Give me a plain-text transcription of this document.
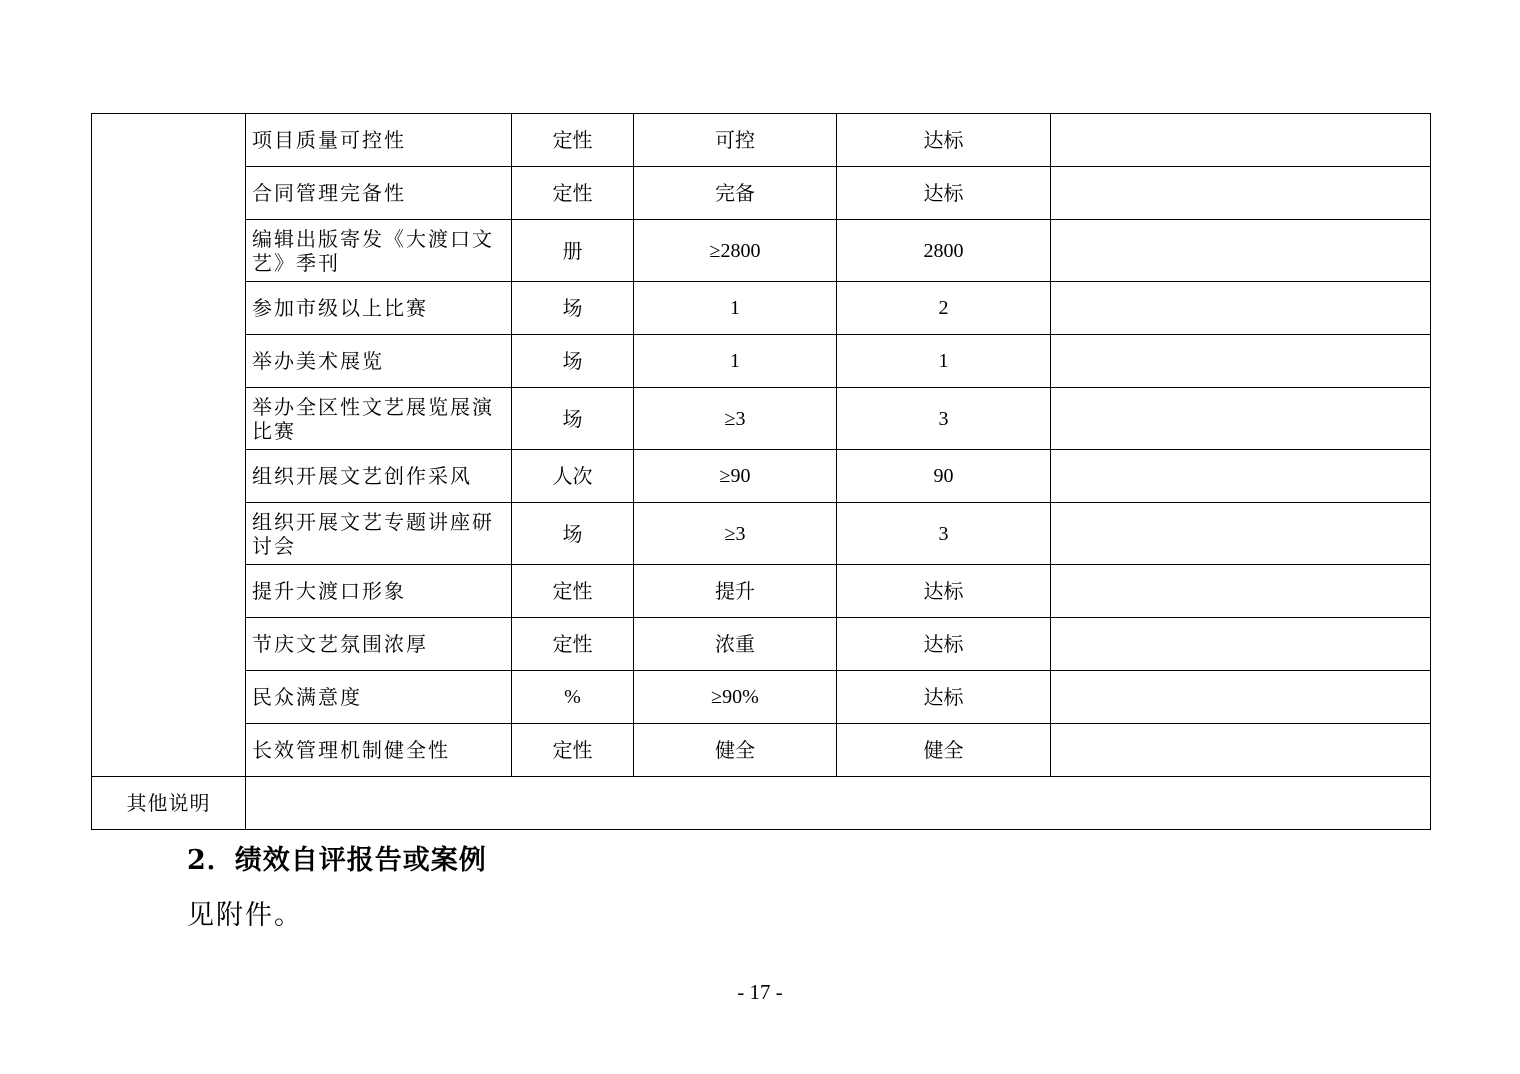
	项目质量可控性	定性	可控	达标	
	合同管理完备性	定性	完备	达标	
	编辑出版寄发《大渡口文艺》季刊	册	≥2800	2800	
	参加市级以上比赛	场	1	2	
	举办美术展览	场	1	1	
	举办全区性文艺展览展演比赛	场	≥3	3	
	组织开展文艺创作采风	人次	≥90	90	
	组织开展文艺专题讲座研讨会	场	≥3	3	
	提升大渡口形象	定性	提升	达标	
	节庆文艺氛围浓厚	定性	浓重	达标	
	民众满意度	%	≥90%	达标	
	长效管理机制健全性	定性	健全	健全	
其他说明					
2．绩效自评报告或案例
见附件。
- 17 -
